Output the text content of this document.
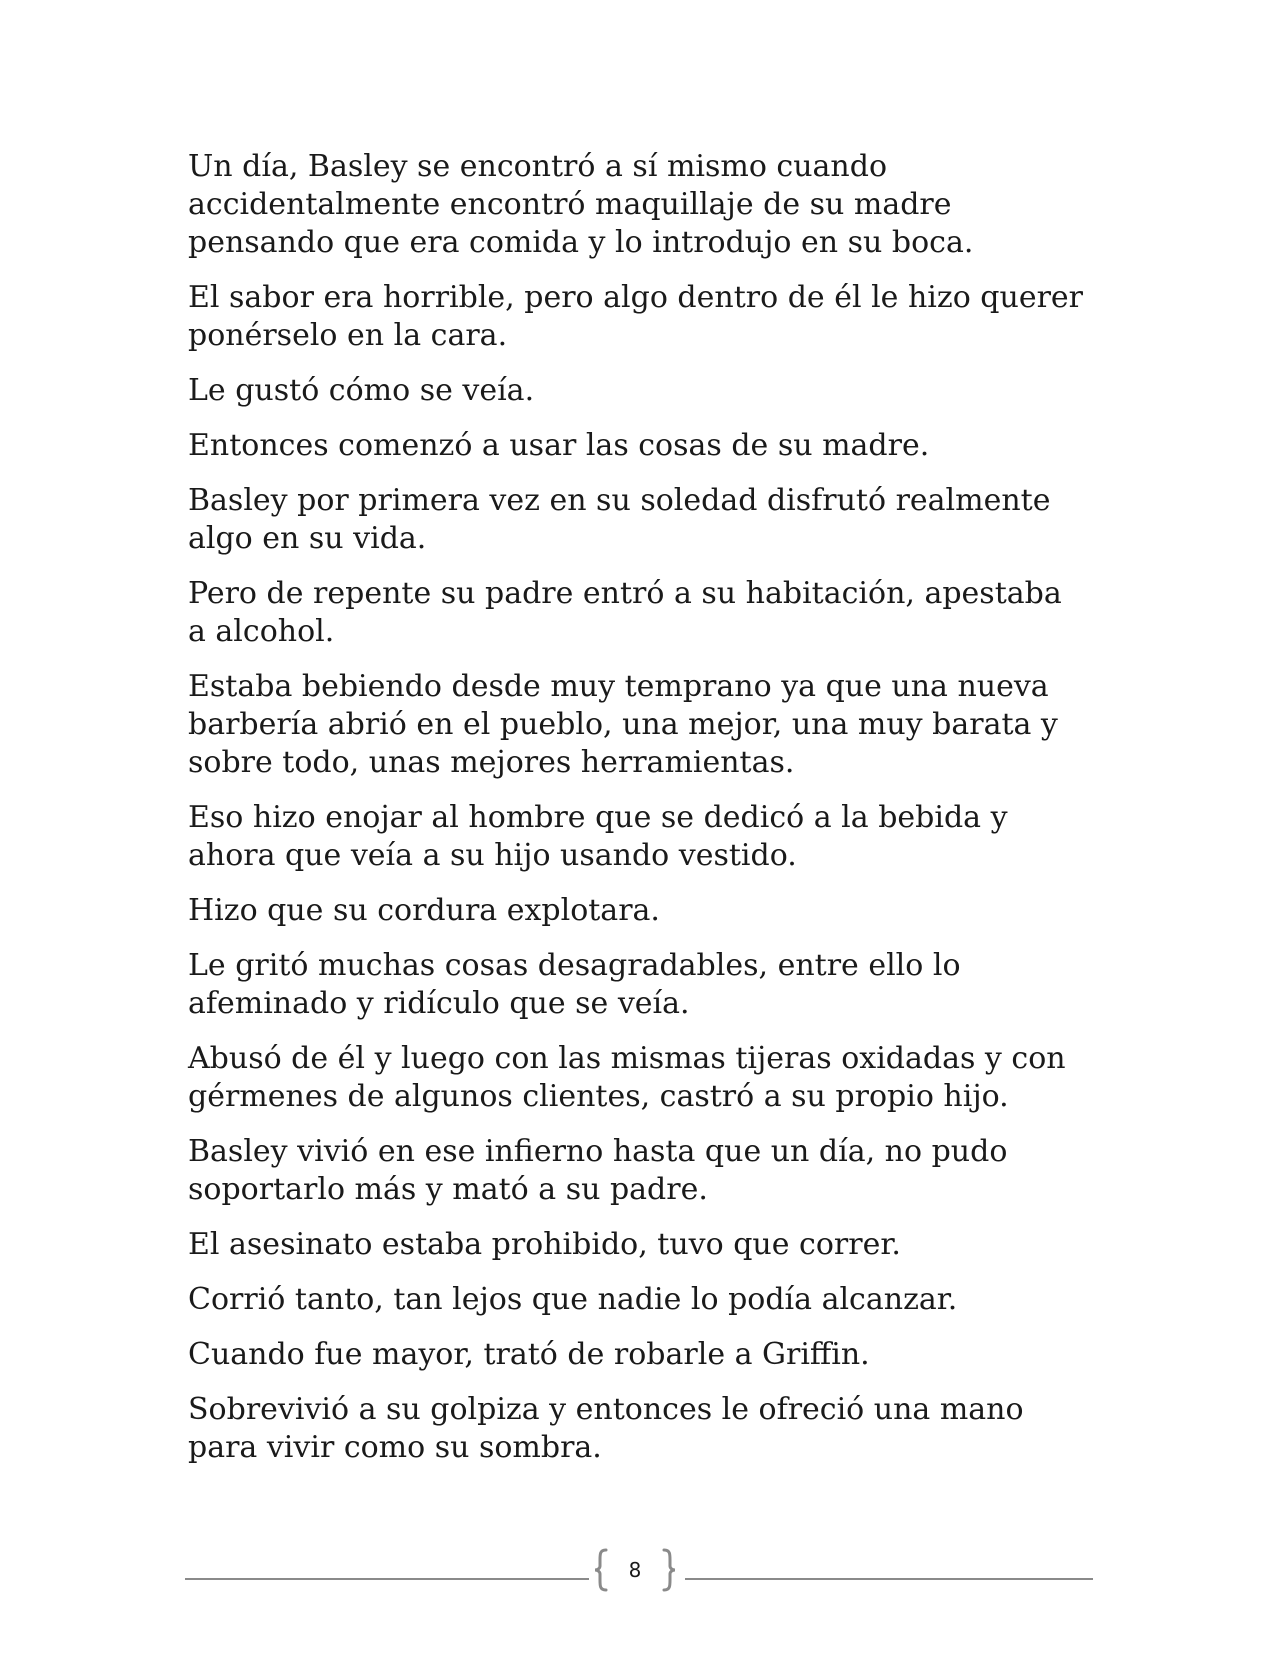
Un día, Basley se encontró a sí mismo cuando accidentalmente encontró maquillaje de su madre pensando que era comida y lo introdujo en su boca.

El sabor era horrible, pero algo dentro de él le hizo querer ponérselo en la cara.

Le gustó cómo se veía.

Entonces comenzó a usar las cosas de su madre.

Basley por primera vez en su soledad disfrutó realmente algo en su vida.

Pero de repente su padre entró a su habitación, apestaba a alcohol.

Estaba bebiendo desde muy temprano ya que una nueva barbería abrió en el pueblo, una mejor, una muy barata y sobre todo, unas mejores herramientas.

Eso hizo enojar al hombre que se dedicó a la bebida y ahora que veía a su hijo usando vestido.

Hizo que su cordura explotara.

Le gritó muchas cosas desagradables, entre ello lo afeminado y ridículo que se veía.

Abusó de él y luego con las mismas tijeras oxidadas y con gérmenes de algunos clientes, castró a su propio hijo.

Basley vivió en ese infierno hasta que un día, no pudo soportarlo más y mató a su padre.

El asesinato estaba prohibido, tuvo que correr.

Corrió tanto, tan lejos que nadie lo podía alcanzar.

Cuando fue mayor, trató de robarle a Griffin.

Sobrevivió a su golpiza y entonces le ofreció una mano para vivir como su sombra.

8
